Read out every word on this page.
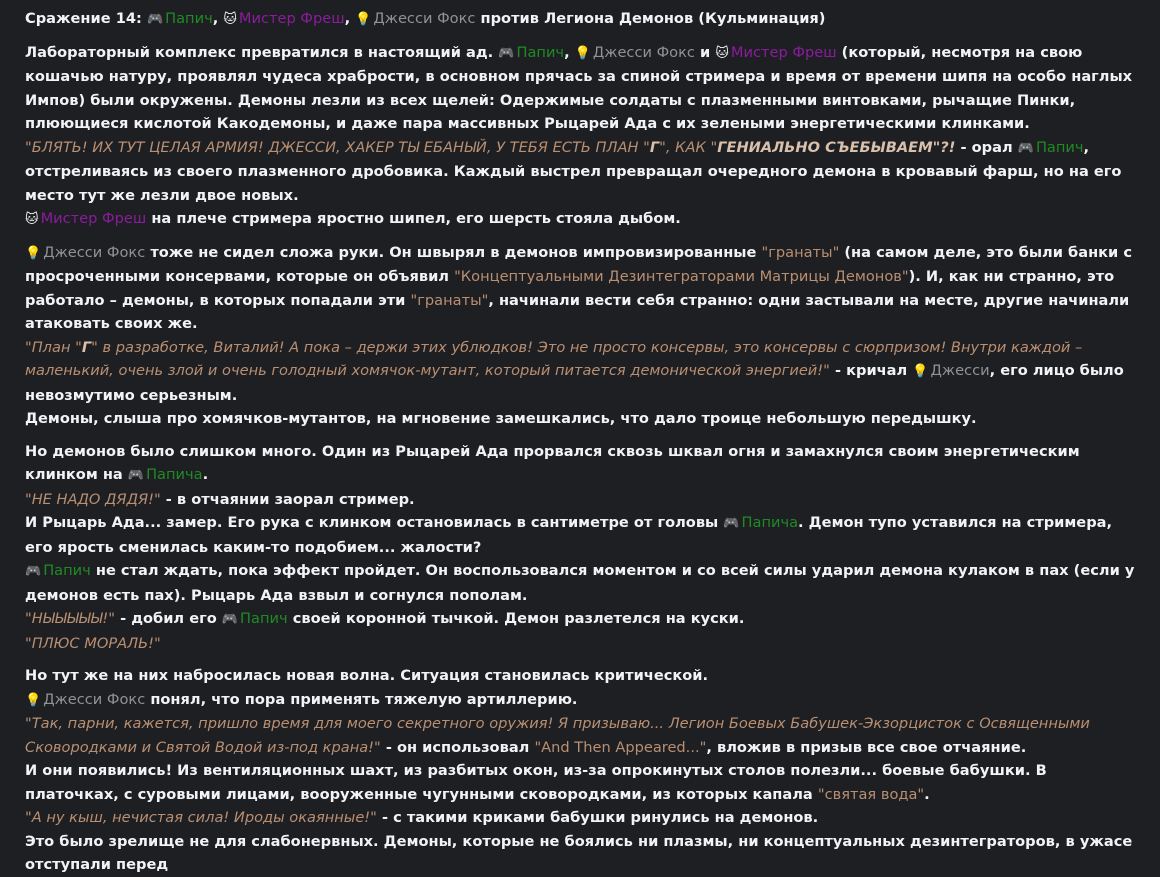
Сражение 14: 🎮 Папич, 🐱 Мистер Фреш, 💡 Джесси Фокс против Легиона Демонов (Кульминация)

Лабораторный комплекс превратился в настоящий ад. 🎮 Папич, 💡 Джесси Фокс и 🐱 Мистер Фреш (который, несмотря на свою кошачью натуру, проявлял чудеса храбрости, в основном прячась за спиной стримера и время от времени шипя на особо наглых Импов) были окружены. Демоны лезли из всех щелей: Одержимые солдаты с плазменными винтовками, рычащие Пинки, плюющиеся кислотой Какодемоны, и даже пара массивных Рыцарей Ада с их зелеными энергетическими клинками.

"БЛЯТЬ! ИХ ТУТ ЦЕЛАЯ АРМИЯ! ДЖЕССИ, ХАКЕР ТЫ ЕБАНЫЙ, У ТЕБЯ ЕСТЬ ПЛАН "Г", КАК "ГЕНИАЛЬНО СЪЕБЫВАЕМ"?! - орал 🎮 Папич, отстреливаясь из своего плазменного дробовика. Каждый выстрел превращал очередного демона в кровавый фарш, но на его место тут же лезли двое новых.
🐱 Мистер Фреш на плече стримера яростно шипел, его шерсть стояла дыбом.

💡 Джесси Фокс тоже не сидел сложа руки. Он швырял в демонов импровизированные "гранаты" (на самом деле, это были банки с просроченными консервами, которые он объявил "Концептуальными Дезинтеграторами Матрицы Демонов"). И, как ни странно, это работало – демоны, в которых попадали эти "гранаты", начинали вести себя странно: одни застывали на месте, другие начинали атаковать своих же.
"План "Г" в разработке, Виталий! А пока – держи этих ублюдков! Это не просто консервы, это консервы с сюрпризом! Внутри каждой – маленький, очень злой и очень голодный хомячок-мутант, который питается демонической энергией!" - кричал 💡 Джесси, его лицо было невозмутимо серьезным.
Демоны, слыша про хомячков-мутантов, на мгновение замешкались, что дало троице небольшую передышку.

Но демонов было слишком много. Один из Рыцарей Ада прорвался сквозь шквал огня и замахнулся своим энергетическим клинком на 🎮 Папича.
"НЕ НАДО ДЯДЯ!" - в отчаянии заорал стример.
И Рыцарь Ада... замер. Его рука с клинком остановилась в сантиметре от головы 🎮 Папича. Демон тупо уставился на стримера, его ярость сменилась каким-то подобием... жалости?
🎮 Папич не стал ждать, пока эффект пройдет. Он воспользовался моментом и со всей силы ударил демона кулаком в пах (если у демонов есть пах). Рыцарь Ада взвыл и согнулся пополам.
"НЫЫЫЫЫ!" - добил его 🎮 Папич своей коронной тычкой. Демон разлетелся на куски.
"ПЛЮС МОРАЛЬ!"

Но тут же на них набросилась новая волна. Ситуация становилась критической.
💡 Джесси Фокс понял, что пора применять тяжелую артиллерию.
"Так, парни, кажется, пришло время для моего секретного оружия! Я призываю... Легион Боевых Бабушек-Экзорцисток с Освященными Сковородками и Святой Водой из-под крана!" - он использовал "And Then Appeared...", вложив в призыв все свое отчаяние.
И они появились! Из вентиляционных шахт, из разбитых окон, из-за опрокинутых столов полезли... боевые бабушки. В платочках, с суровыми лицами, вооруженные чугунными сковородками, из которых капала "святая вода".
"А ну кыш, нечистая сила! Ироды окаянные!" - с такими криками бабушки ринулись на демонов.
Это было зрелище не для слабонервных. Демоны, которые не боялись ни плазмы, ни концептуальных дезинтеграторов, в ужасе отступали перед
